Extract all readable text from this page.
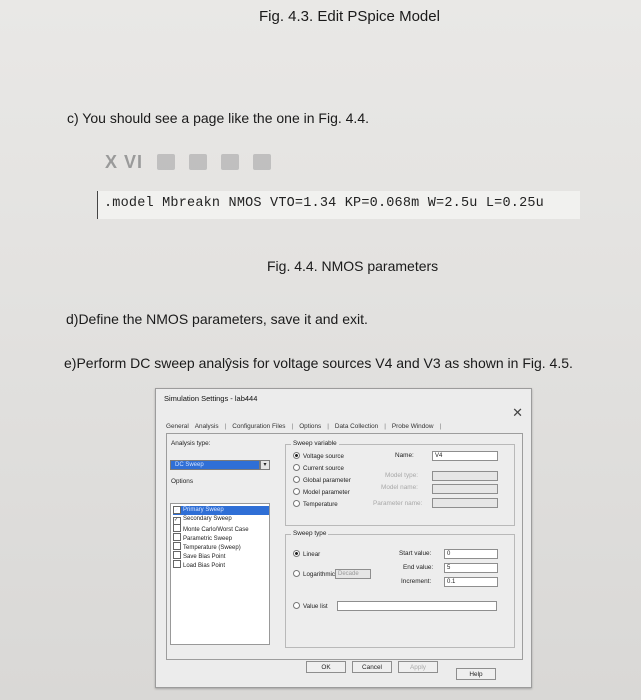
Fig. 4.3. Edit PSpice Model
c) You should see a page like the one in Fig. 4.4.
X VI
.model Mbreakn NMOS VTO=1.34 KP=0.068m W=2.5u L=0.25u
Fig. 4.4. NMOS parameters
d)Define the NMOS parameters, save it and exit.
e)Perform DC sweep analŷsis for voltage sources V4 and V3 as shown in Fig. 4.5.
Simulation Settings - lab444
✕
General Analysis | Configuration Files | Options | Data Collection | Probe Window |
Analysis type:
Options
Sweep variable
Voltage source
Current source
Global parameter
Model parameter
Temperature
Name:	V4
Model type:
Model name:
Parameter name:
Sweep type
Linear
Logarithmic Decade
Value list
Start value:	0
End value:	5
Increment:	0.1
DC Sweep	▾
✓ Primary Sweep
✓ Secondary Sweep
Monte Carlo/Worst Case
Parametric Sweep
Temperature (Sweep)
Save Bias Point
Load Bias Point
OK	Cancel	Apply
Help
